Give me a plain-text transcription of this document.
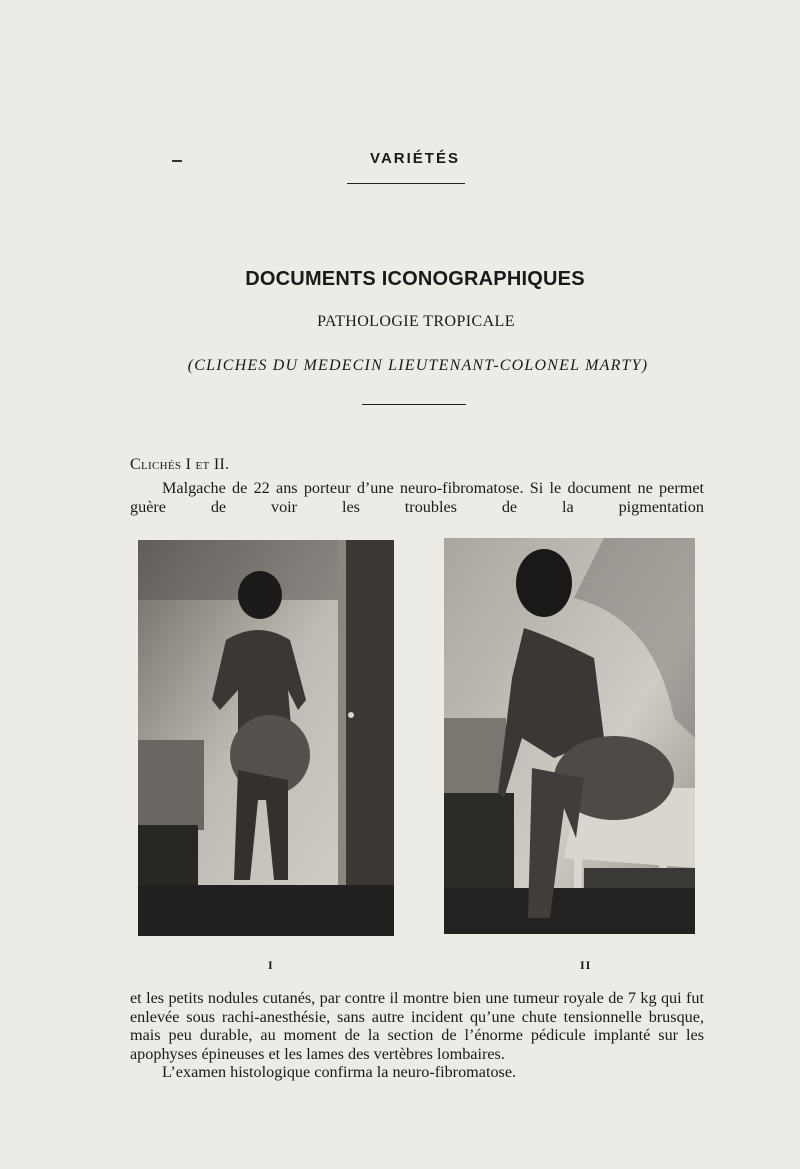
VARIÉTÉS
DOCUMENTS ICONOGRAPHIQUES
PATHOLOGIE TROPICALE
(CLICHES DU MEDECIN LIEUTENANT-COLONEL MARTY)
Clichés I et II.
Malgache de 22 ans porteur d’une neuro-fibromatose. Si le document ne permet guère de voir les troubles de la pigmentation
I	II
et les petits nodules cutanés, par contre il montre bien une tumeur royale de 7 kg qui fut enlevée sous rachi-anesthésie, sans autre incident qu’une chute tensionnelle brusque, mais peu durable, au moment de la section de l’énorme pédicule implanté sur les apophyses épineuses et les lames des vertèbres lombaires.
L’examen histologique confirma la neuro-fibromatose.
